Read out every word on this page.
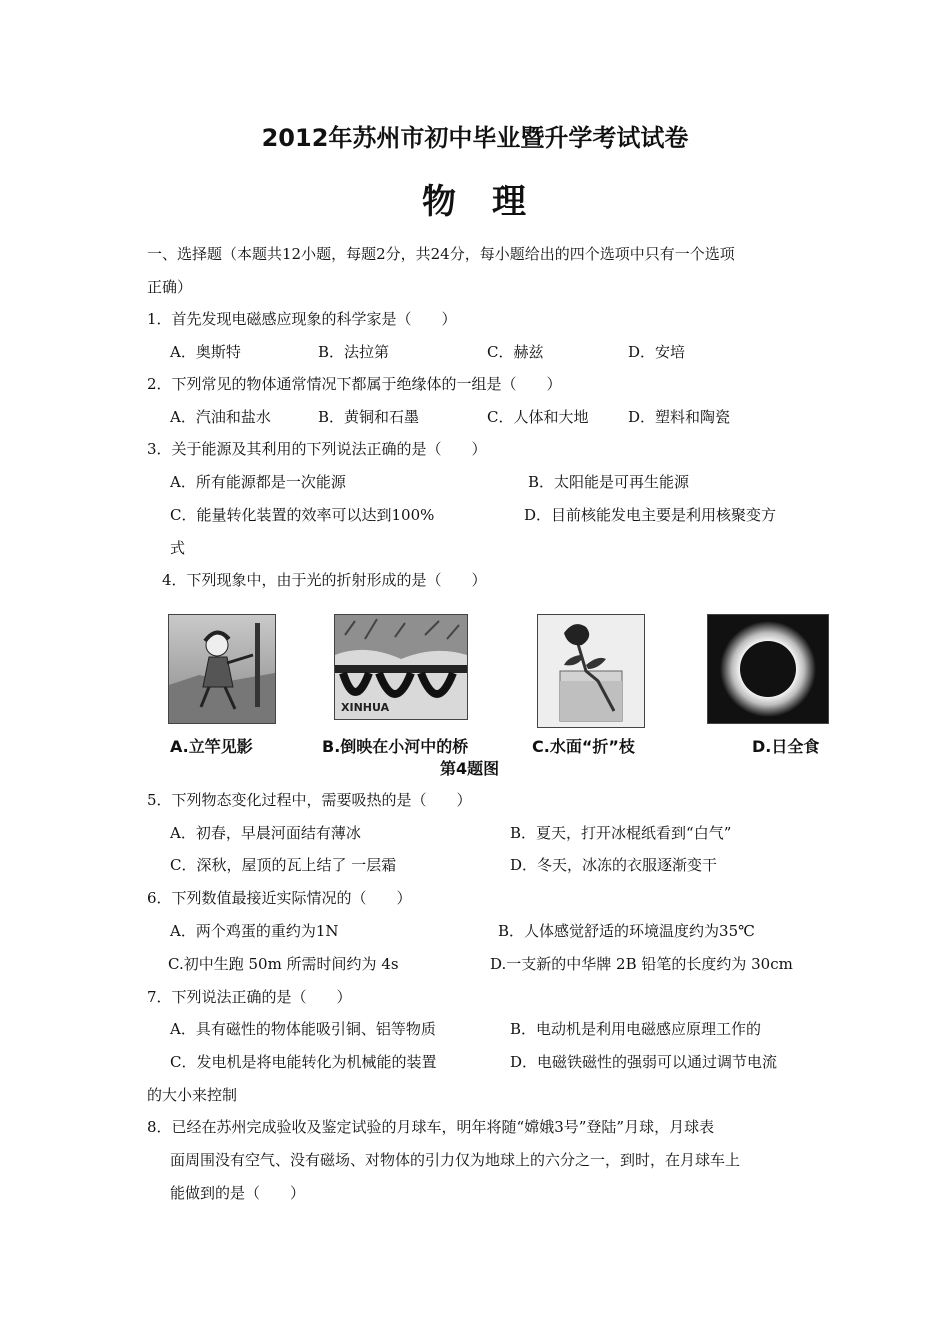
2012年苏州市初中毕业暨升学考试试卷
物 理
一、选择题（本题共12小题，每题2分，共24分，每小题给出的四个选项中只有一个选项
正确）
1．首先发现电磁感应现象的科学家是（　　）
A．奥斯特	B．法拉第	C．赫兹	D．安培
2．下列常见的物体通常情况下都属于绝缘体的一组是（　　）
A．汽油和盐水	B．黄铜和石墨	C．人体和大地	D．塑料和陶瓷
3．关于能源及其利用的下列说法正确的是（　　）
A．所有能源都是一次能源	B．太阳能是可再生能源
C．能量转化装置的效率可以达到100%	D．目前核能发电主要是利用核聚变方
式
4．下列现象中，由于光的折射形成的是（　　）
A.立竿见影
XINHUA
B.倒映在小河中的桥	C.水面“折”枝	D.日全食
第4题图
5．下列物态变化过程中，需要吸热的是（　　）
A．初春，早晨河面结有薄冰	B．夏天，打开冰棍纸看到“白气”
C．深秋，屋顶的瓦上结了 一层霜	D．冬天，冰冻的衣服逐渐变干
6．下列数值最接近实际情况的（　　）
A．两个鸡蛋的重约为1N	B．人体感觉舒适的环境温度约为35℃
C.初中生跑 50m 所需时间约为 4s	D.一支新的中华牌 2B 铅笔的长度约为 30cm
7．下列说法正确的是（　　）
A．具有磁性的物体能吸引铜、铝等物质	B．电动机是利用电磁感应原理工作的
C．发电机是将电能转化为机械能的装置	D．电磁铁磁性的强弱可以通过调节电流
的大小来控制
8．已经在苏州完成验收及鉴定试验的月球车，明年将随“嫦娥3号”登陆”月球，月球表
面周围没有空气、没有磁场、对物体的引力仅为地球上的六分之一，到时，在月球车上
能做到的是（　　）
